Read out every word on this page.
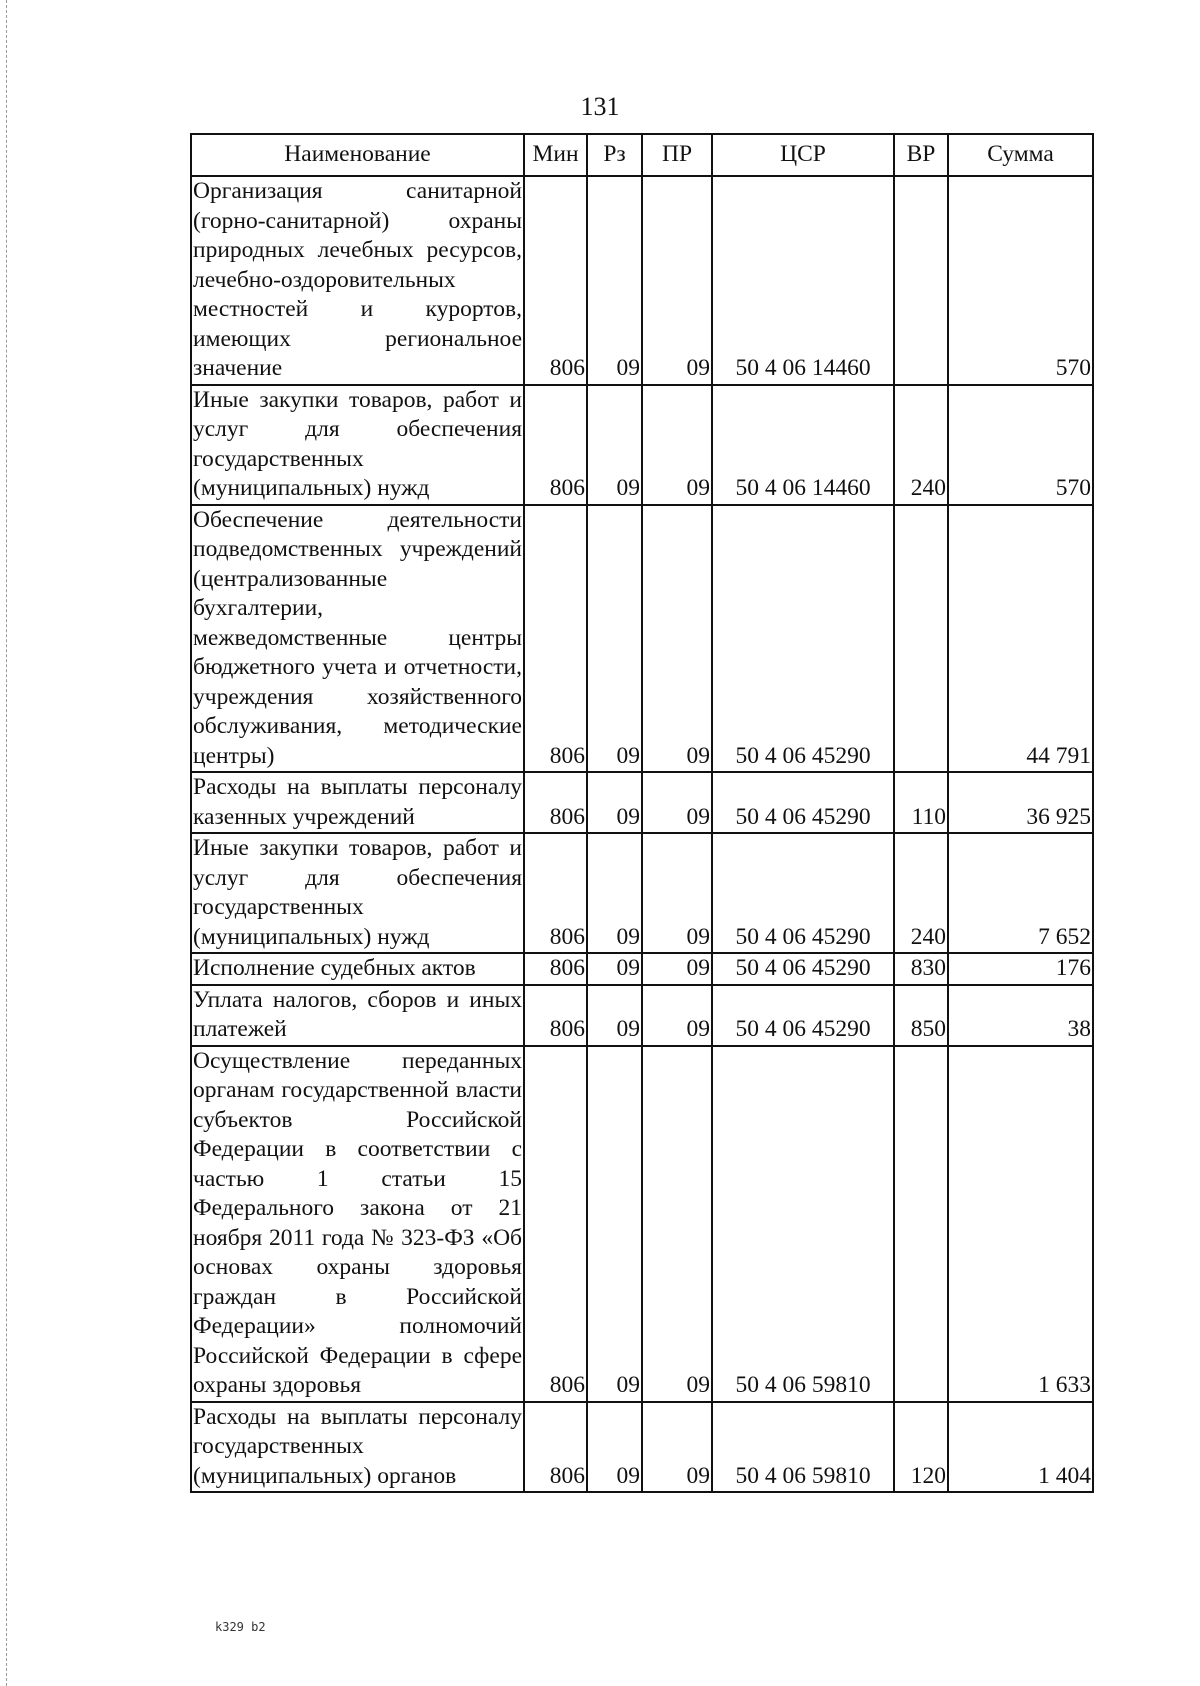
131
Наименование	Мин	Рз	ПР	ЦСР	ВР	Сумма
Организация санитарной (горно-санитарной) охраны природных лечебных ресурсов, лечебно-оздоровительных местностей и курортов, имеющих региональное значение	806	09	09	50 4 06 14460		570
Иные закупки товаров, работ и услуг для обеспечения государственных (муниципальных) нужд	806	09	09	50 4 06 14460	240	570
Обеспечение деятельности подведомственных учреждений (централизованные бухгалтерии, межведомственные центры бюджетного учета и отчетности, учреждения хозяйственного обслуживания, методические центры)	806	09	09	50 4 06 45290		44 791
Расходы на выплаты персоналу казенных учреждений	806	09	09	50 4 06 45290	110	36 925
Иные закупки товаров, работ и услуг для обеспечения государственных (муниципальных) нужд	806	09	09	50 4 06 45290	240	7 652
Исполнение судебных актов	806	09	09	50 4 06 45290	830	176
Уплата налогов, сборов и иных платежей	806	09	09	50 4 06 45290	850	38
Осуществление переданных органам государственной власти субъектов Российской Федерации в соответствии с частью 1 статьи 15 Федерального закона от 21 ноября 2011 года № 323-ФЗ «Об основах охраны здоровья граждан в Российской Федерации» полномочий Российской Федерации в сфере охраны здоровья	806	09	09	50 4 06 59810		1 633
Расходы на выплаты персоналу государственных (муниципальных) органов	806	09	09	50 4 06 59810	120	1 404
k329 b2
